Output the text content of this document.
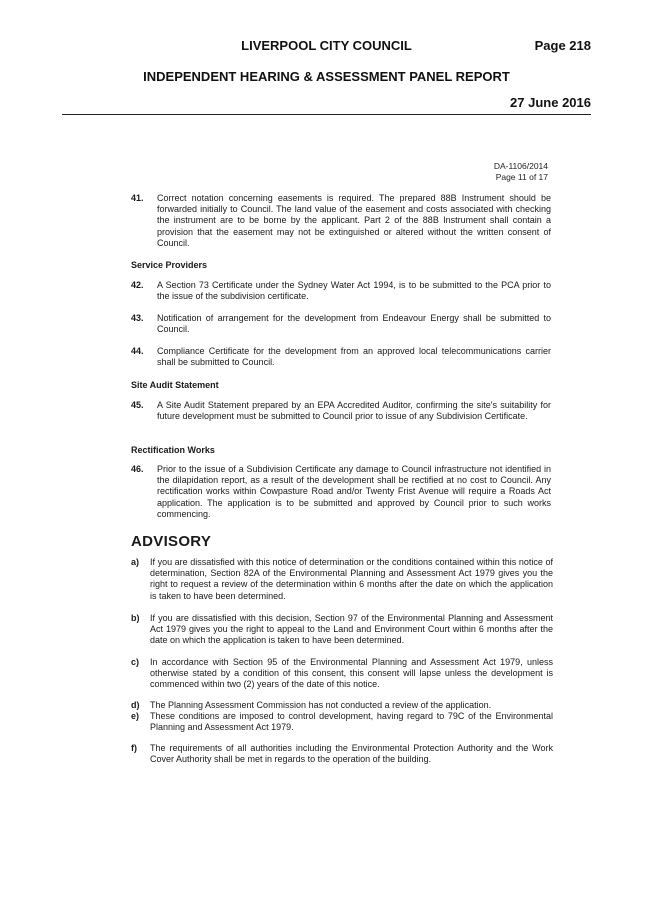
LIVERPOOL CITY COUNCIL	Page 218
INDEPENDENT HEARING & ASSESSMENT PANEL REPORT
27 June 2016
DA-1106/2014
Page 11 of 17
41. Correct notation concerning easements is required. The prepared 88B Instrument should be forwarded initially to Council. The land value of the easement and costs associated with checking the instrument are to be borne by the applicant. Part 2 of the 88B Instrument shall contain a provision that the easement may not be extinguished or altered without the written consent of Council.
Service Providers
42. A Section 73 Certificate under the Sydney Water Act 1994, is to be submitted to the PCA prior to the issue of the subdivision certificate.
43. Notification of arrangement for the development from Endeavour Energy shall be submitted to Council.
44. Compliance Certificate for the development from an approved local telecommunications carrier shall be submitted to Council.
Site Audit Statement
45. A Site Audit Statement prepared by an EPA Accredited Auditor, confirming the site's suitability for future development must be submitted to Council prior to issue of any Subdivision Certificate.
Rectification Works
46. Prior to the issue of a Subdivision Certificate any damage to Council infrastructure not identified in the dilapidation report, as a result of the development shall be rectified at no cost to Council. Any rectification works within Cowpasture Road and/or Twenty Frist Avenue will require a Roads Act application. The application is to be submitted and approved by Council prior to such works commencing.
ADVISORY
a) If you are dissatisfied with this notice of determination or the conditions contained within this notice of determination, Section 82A of the Environmental Planning and Assessment Act 1979 gives you the right to request a review of the determination within 6 months after the date on which the application is taken to have been determined.
b) If you are dissatisfied with this decision, Section 97 of the Environmental Planning and Assessment Act 1979 gives you the right to appeal to the Land and Environment Court within 6 months after the date on which the application is taken to have been determined.
c) In accordance with Section 95 of the Environmental Planning and Assessment Act 1979, unless otherwise stated by a condition of this consent, this consent will lapse unless the development is commenced within two (2) years of the date of this notice.
d) The Planning Assessment Commission has not conducted a review of the application.
e) These conditions are imposed to control development, having regard to 79C of the Environmental Planning and Assessment Act 1979.
f) The requirements of all authorities including the Environmental Protection Authority and the Work Cover Authority shall be met in regards to the operation of the building.
